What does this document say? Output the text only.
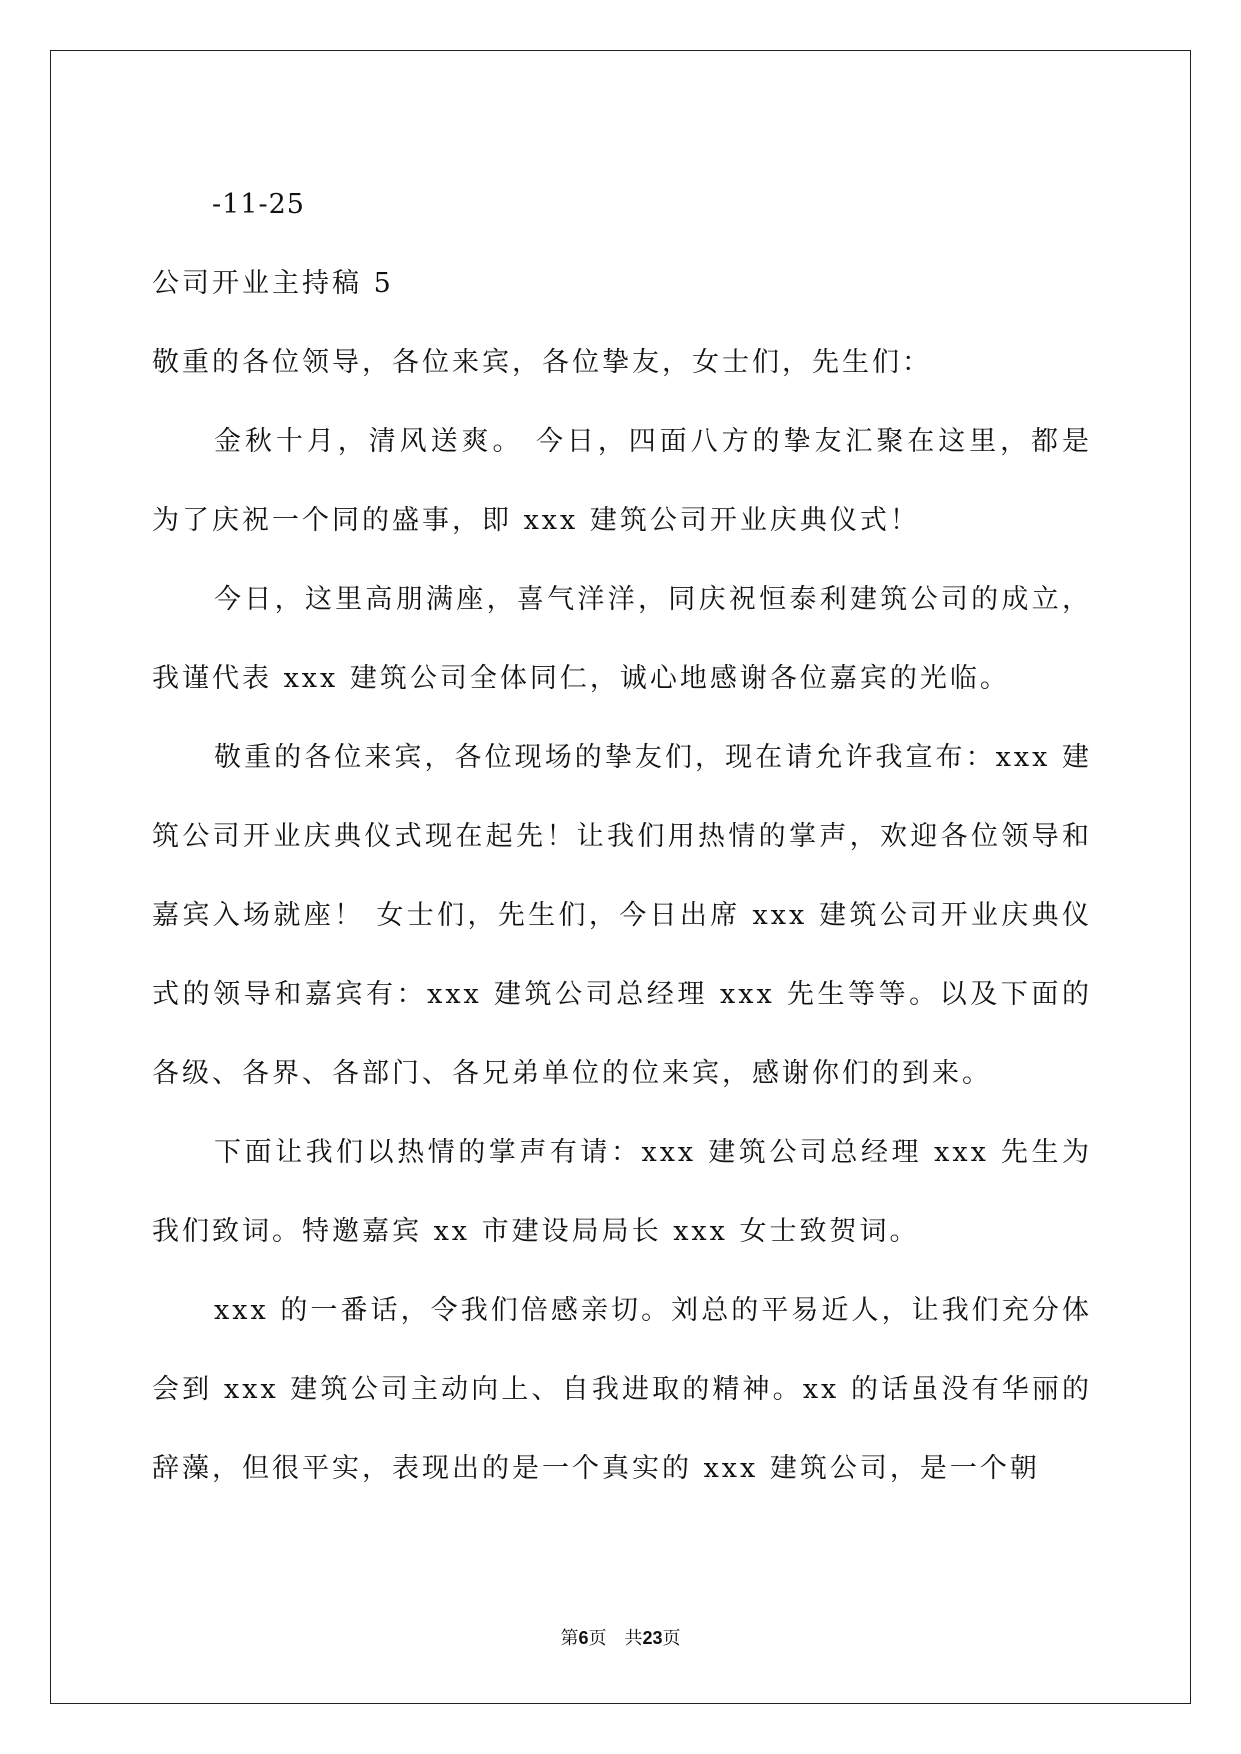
-11-25

公司开业主持稿 5

敬重的各位领导，各位来宾，各位挚友，女士们，先生们：

金秋十月，清风送爽。 今日，四面八方的挚友汇聚在这里，都是为了庆祝一个同的盛事，即 xxx 建筑公司开业庆典仪式！

今日，这里高朋满座，喜气洋洋，同庆祝恒泰利建筑公司的成立，我谨代表 xxx 建筑公司全体同仁，诚心地感谢各位嘉宾的光临。

敬重的各位来宾，各位现场的挚友们，现在请允许我宣布：xxx 建筑公司开业庆典仪式现在起先！让我们用热情的掌声，欢迎各位领导和嘉宾入场就座！ 女士们，先生们，今日出席 xxx 建筑公司开业庆典仪式的领导和嘉宾有：xxx 建筑公司总经理 xxx 先生等等。以及下面的各级、各界、各部门、各兄弟单位的位来宾，感谢你们的到来。

下面让我们以热情的掌声有请：xxx 建筑公司总经理 xxx 先生为我们致词。特邀嘉宾 xx 市建设局局长 xxx 女士致贺词。

xxx 的一番话，令我们倍感亲切。刘总的平易近人，让我们充分体会到 xxx 建筑公司主动向上、自我进取的精神。xx 的话虽没有华丽的辞藻，但很平实，表现出的是一个真实的 xxx 建筑公司，是一个朝

第6页　共23页
